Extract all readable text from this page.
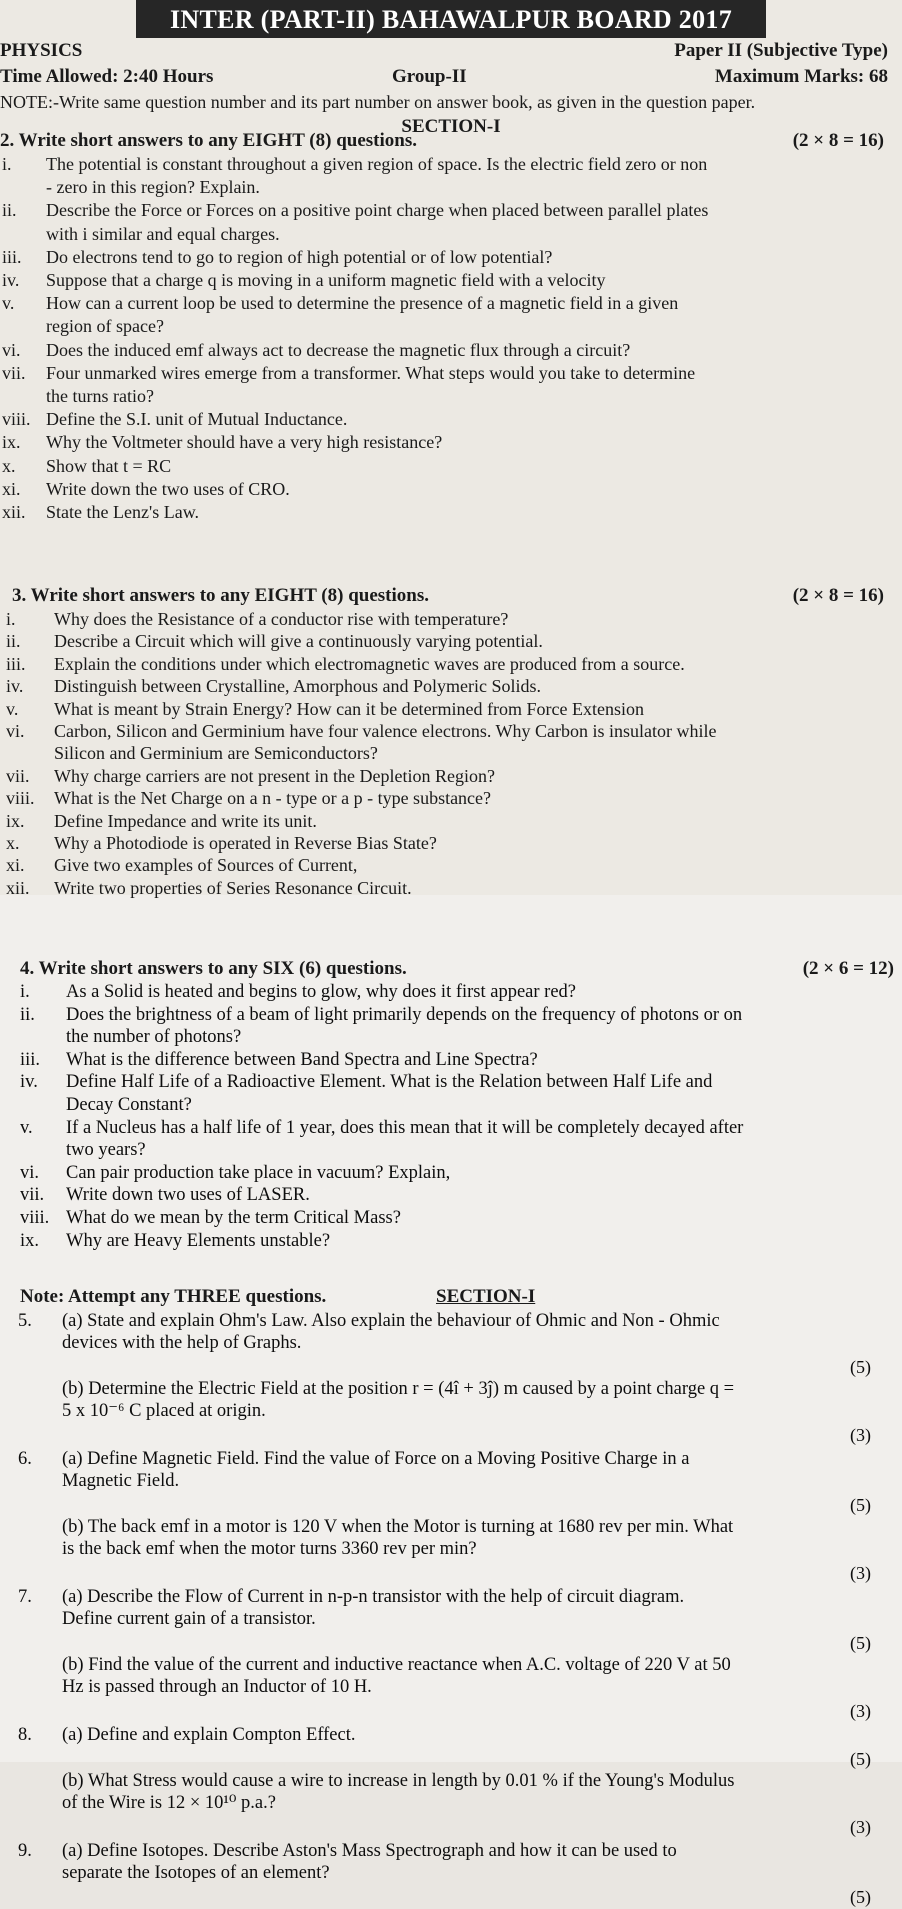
INTER (PART-II) BAHAWALPUR BOARD 2017
PHYSICS	Paper II (Subjective Type)
Time Allowed: 2:40 Hours	Group-II	Maximum Marks: 68
NOTE:-Write same question number and its part number on answer book, as given in the question paper.
SECTION-I
2. Write short answers to any EIGHT (8) questions.	(2 × 8 = 16)
i. The potential is constant throughout a given region of space. Is the electric field zero or non
- zero in this region? Explain.
ii. Describe the Force or Forces on a positive point charge when placed between parallel plates
with i similar and equal charges.
iii. Do electrons tend to go to region of high potential or of low potential?
iv. Suppose that a charge q is moving in a uniform magnetic field with a velocity
v. How can a current loop be used to determine the presence of a magnetic field in a given
region of space?
vi. Does the induced emf always act to decrease the magnetic flux through a circuit?
vii. Four unmarked wires emerge from a transformer. What steps would you take to determine
the turns ratio?
viii. Define the S.I. unit of Mutual Inductance.
ix. Why the Voltmeter should have a very high resistance?
x. Show that t = RC
xi. Write down the two uses of CRO.
xii. State the Lenz's Law.
3. Write short answers to any EIGHT (8) questions.	(2 × 8 = 16)
i. Why does the Resistance of a conductor rise with temperature?
ii. Describe a Circuit which will give a continuously varying potential.
iii. Explain the conditions under which electromagnetic waves are produced from a source.
iv. Distinguish between Crystalline, Amorphous and Polymeric Solids.
v. What is meant by Strain Energy? How can it be determined from Force Extension
vi. Carbon, Silicon and Germinium have four valence electrons. Why Carbon is insulator while
Silicon and Germinium are Semiconductors?
vii. Why charge carriers are not present in the Depletion Region?
viii. What is the Net Charge on a n - type or a p - type substance?
ix. Define Impedance and write its unit.
x. Why a Photodiode is operated in Reverse Bias State?
xi. Give two examples of Sources of Current,
xii. Write two properties of Series Resonance Circuit.
4. Write short answers to any SIX (6) questions.	(2 × 6 = 12)
i. As a Solid is heated and begins to glow, why does it first appear red?
ii. Does the brightness of a beam of light primarily depends on the frequency of photons or on
the number of photons?
iii. What is the difference between Band Spectra and Line Spectra?
iv. Define Half Life of a Radioactive Element. What is the Relation between Half Life and
Decay Constant?
v. If a Nucleus has a half life of 1 year, does this mean that it will be completely decayed after
two years?
vi. Can pair production take place in vacuum? Explain,
vii. Write down two uses of LASER.
viii. What do we mean by the term Critical Mass?
ix. Why are Heavy Elements unstable?
Note: Attempt any THREE questions.	SECTION-I
5. (a) State and explain Ohm's Law. Also explain the behaviour of Ohmic and Non - Ohmic
devices with the help of Graphs.
(5)
(b) Determine the Electric Field at the position r = (4î + 3ĵ) m caused by a point charge q =
5 x 10⁻⁶ C placed at origin.
(3)
6. (a) Define Magnetic Field. Find the value of Force on a Moving Positive Charge in a
Magnetic Field.
(5)
(b) The back emf in a motor is 120 V when the Motor is turning at 1680 rev per min. What
is the back emf when the motor turns 3360 rev per min?
(3)
7. (a) Describe the Flow of Current in n-p-n transistor with the help of circuit diagram.
Define current gain of a transistor.
(5)
(b) Find the value of the current and inductive reactance when A.C. voltage of 220 V at 50
Hz is passed through an Inductor of 10 H.
(3)
8. (a) Define and explain Compton Effect.
(5)
(b) What Stress would cause a wire to increase in length by 0.01 % if the Young's Modulus
of the Wire is 12 × 10¹⁰ p.a.?
(3)
9. (a) Define Isotopes. Describe Aston's Mass Spectrograph and how it can be used to
separate the Isotopes of an element?
(5)
